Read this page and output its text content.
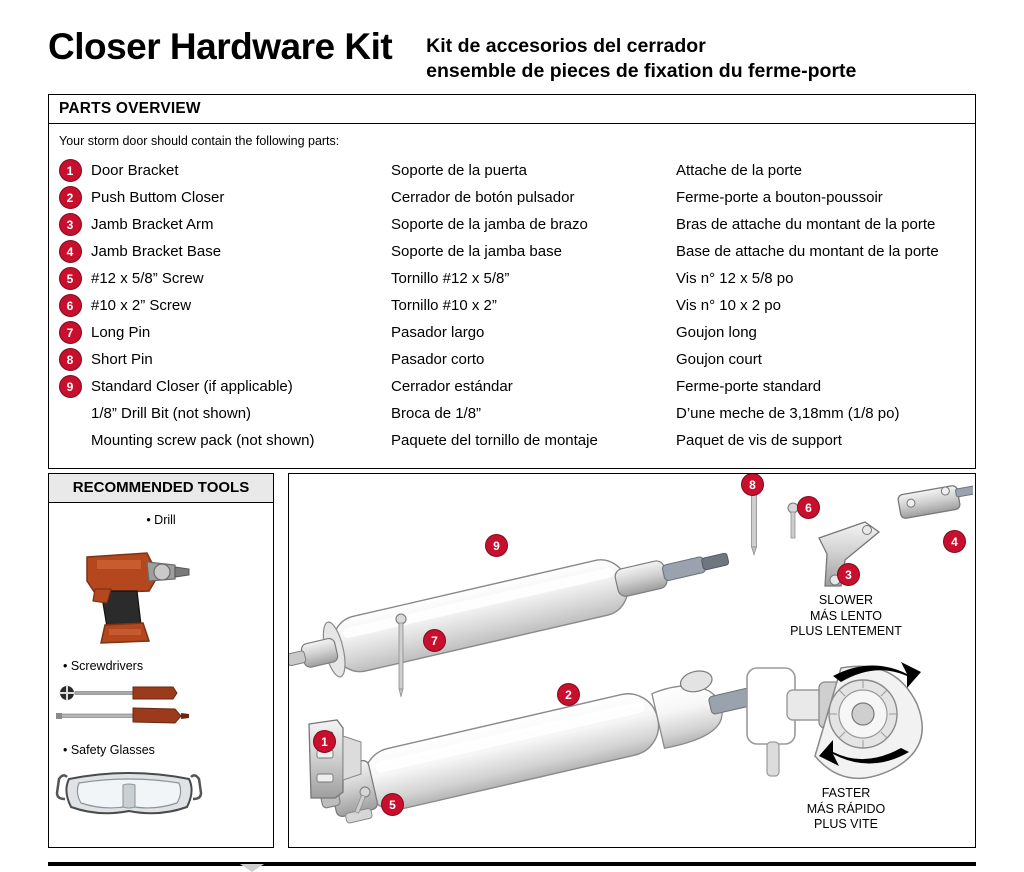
Closer Hardware Kit Kit de accesorios del cerrador
ensemble de pieces de fixation du ferme-porte
PARTS OVERVIEW
Your storm door should contain the following parts:
1	Door Bracket	Soporte de la puerta	Attache de la porte
2	Push Buttom Closer	Cerrador de botón pulsador	Ferme-porte a bouton-poussoir
3	Jamb Bracket Arm	Soporte de la jamba de brazo	Bras de attache du montant de la porte
4	Jamb Bracket Base	Soporte de la jamba base	Base de attache du montant de la porte
5	#12 x 5/8” Screw	Tornillo #12 x 5/8”	Vis n° 12 x 5/8 po
6	#10 x 2” Screw	Tornillo #10 x 2”	Vis n° 10 x 2 po
7	Long Pin	Pasador largo	Goujon long
8	Short Pin	Pasador corto	Goujon court
9	Standard Closer (if applicable)	Cerrador estándar	Ferme-porte standard
1/8” Drill Bit (not shown)	Broca de 1/8”	D’une meche de 3,18mm (1/8 po)
Mounting screw pack (not shown)	Paquete del tornillo de montaje	Paquet de vis de support
RECOMMENDED TOOLS
• Drill
• Screwdrivers
• Safety Glasses
9
8
6
4
3
7
2
1
5
SLOWER
MÁS LENTO
PLUS LENTEMENT
FASTER
MÁS RÁPIDO
PLUS VITE
